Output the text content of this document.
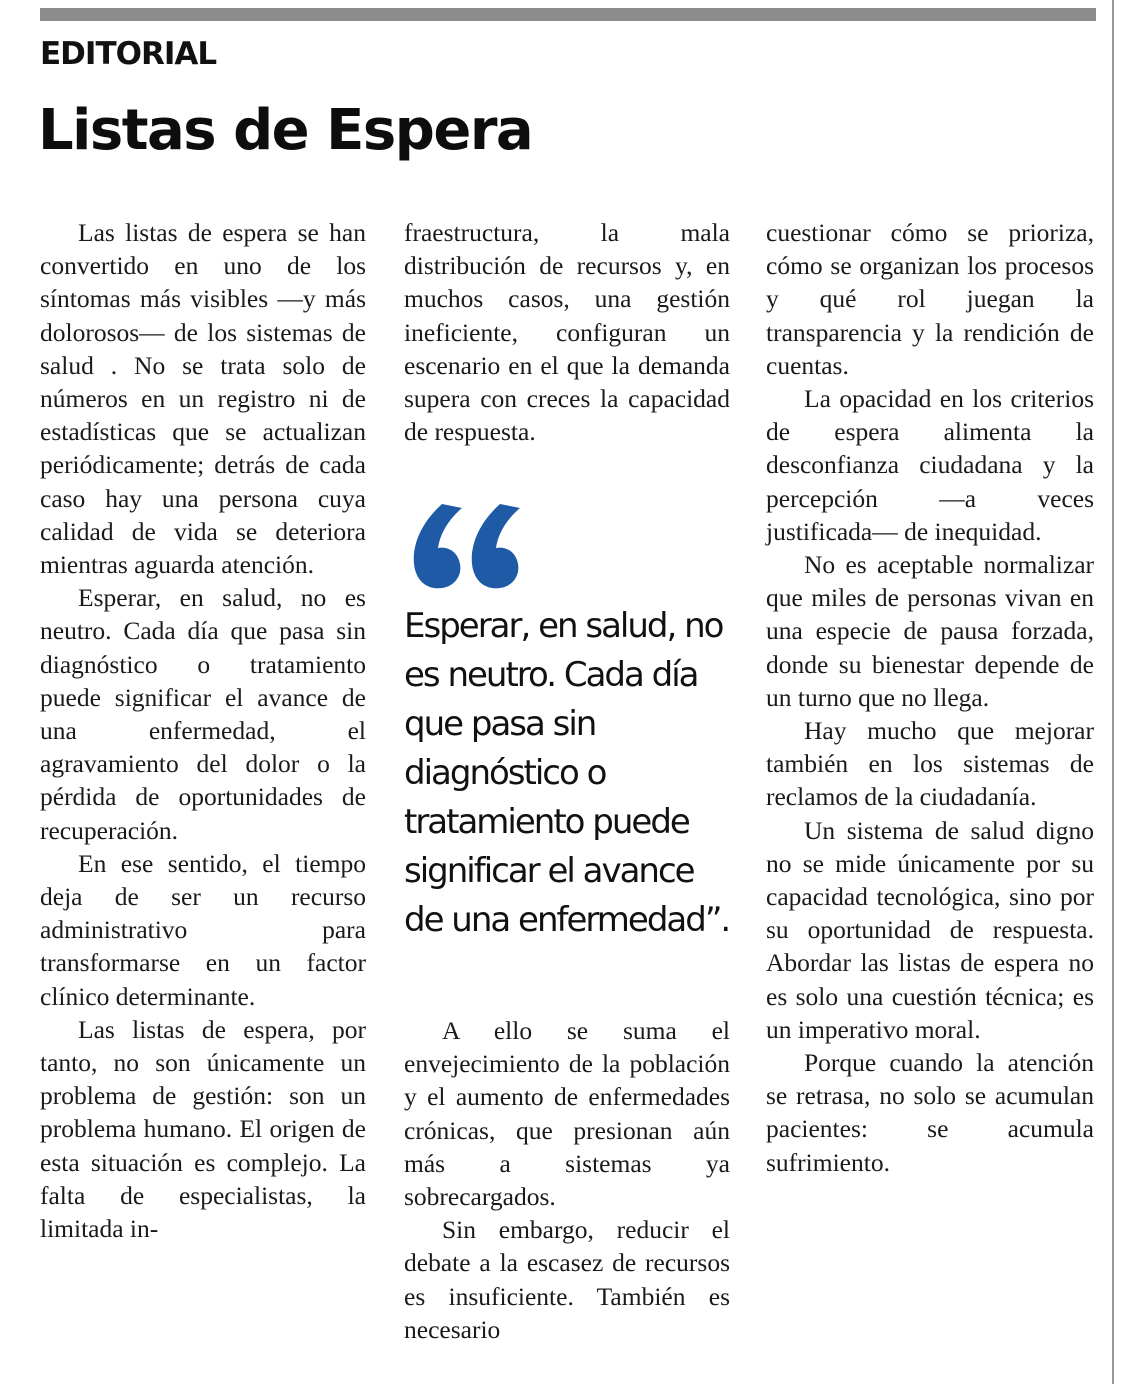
EDITORIAL
Listas de Espera

Las listas de espera se han convertido en uno de los síntomas más visibles —y más dolorosos— de los sistemas de salud . No se trata solo de números en un registro ni de estadísticas que se actualizan periódicamente; detrás de cada caso hay una persona cuya calidad de vida se deteriora mientras aguarda atención.

Esperar, en salud, no es neutro. Cada día que pasa sin diagnóstico o tratamiento puede significar el avance de una enfermedad, el agravamiento del dolor o la pérdida de oportunidades de recuperación.

En ese sentido, el tiempo deja de ser un recurso administrativo para transformarse en un factor clínico determinante.

Las listas de espera, por tanto, no son únicamente un problema de gestión: son un problema humano. El origen de esta situación es complejo. La falta de especialistas, la limitada in-

fraestructura, la mala distribución de recursos y, en muchos casos, una gestión ineficiente, configuran un escenario en el que la demanda supera con creces la capacidad de respuesta.

Esperar, en salud, no es neutro. Cada día que pasa sin diagnóstico o tratamiento puede significar el avance de una enfermedad”.

A ello se suma el envejecimiento de la población y el aumento de enfermedades crónicas, que presionan aún más a sistemas ya sobrecargados.

Sin embargo, reducir el debate a la escasez de recursos es insuficiente. También es necesario

cuestionar cómo se prioriza, cómo se organizan los procesos y qué rol juegan la transparencia y la rendición de cuentas.

La opacidad en los criterios de espera alimenta la desconfianza ciudadana y la percepción —a veces justificada— de inequidad.

No es aceptable normalizar que miles de personas vivan en una especie de pausa forzada, donde su bienestar depende de un turno que no llega.

Hay mucho que mejorar también en los sistemas de reclamos de la ciudadanía.

Un sistema de salud digno no se mide únicamente por su capacidad tecnológica, sino por su oportunidad de respuesta. Abordar las listas de espera no es solo una cuestión técnica; es un imperativo moral.

Porque cuando la atención se retrasa, no solo se acumulan pacientes: se acumula sufrimiento.
